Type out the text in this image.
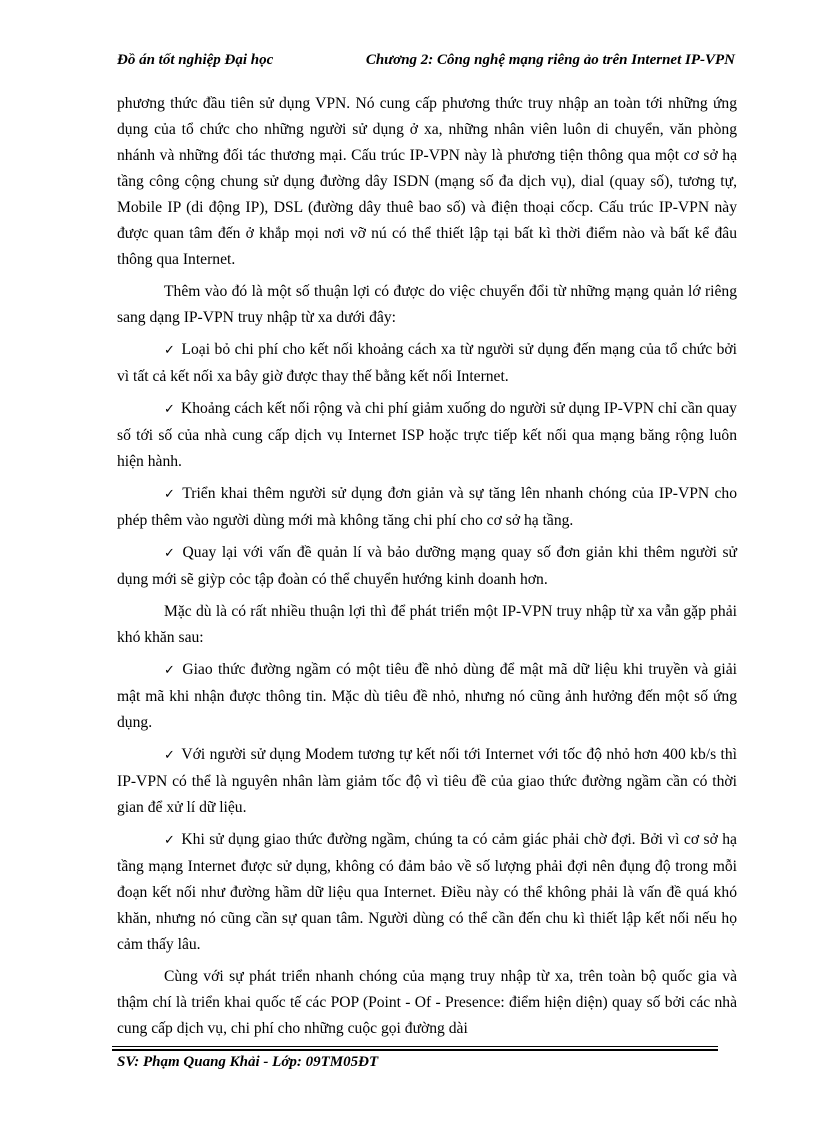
Đồ án tốt nghiệp Đại học	Chương 2: Công nghệ mạng riêng ảo trên Internet IP-VPN

phương thức đầu tiên sử dụng VPN. Nó cung cấp phương thức truy nhập an toàn tới những ứng dụng của tổ chức cho những người sử dụng ở xa, những nhân viên luôn di chuyển, văn phòng nhánh và những đối tác thương mại. Cấu trúc IP-VPN này là phương tiện thông qua một cơ sở hạ tầng công cộng chung sử dụng đường dây ISDN (mạng số đa dịch vụ), dial (quay số), tương tự, Mobile IP (di động IP), DSL (đường dây thuê bao số) và điện thoại cốcp. Cấu trúc IP-VPN này được quan tâm đến ở khắp mọi nơi vỡ nú có thể thiết lập tại bất kì thời điểm nào và bất kể đâu thông qua Internet.

Thêm vào đó là một số thuận lợi có được do việc chuyển đổi từ những mạng quản lớ riêng sang dạng IP-VPN truy nhập từ xa dưới đây:

✓ Loại bỏ chi phí cho kết nối khoảng cách xa từ người sử dụng đến mạng của tổ chức bởi vì tất cả kết nối xa bây giờ được thay thế bằng kết nối Internet.

✓ Khoảng cách kết nối rộng và chi phí giảm xuống do người sử dụng IP-VPN chỉ cần quay số tới số của nhà cung cấp dịch vụ Internet ISP hoặc trực tiếp kết nối qua mạng băng rộng luôn hiện hành.

✓ Triển khai thêm người sử dụng đơn giản và sự tăng lên nhanh chóng của IP-VPN cho phép thêm vào người dùng mới mà không tăng chi phí cho cơ sở hạ tầng.

✓ Quay lại với vấn đề quản lí và bảo dưỡng mạng quay số đơn giản khi thêm người sử dụng mới sẽ giỳp cỏc tập đoàn có thể chuyển hướng kinh doanh hơn.

Mặc dù là có rất nhiều thuận lợi thì để phát triển một IP-VPN truy nhập từ xa vẫn gặp phải khó khăn sau:

✓ Giao thức đường ngầm có một tiêu đề nhỏ dùng để mật mã dữ liệu khi truyền và giải mật mã khi nhận được thông tin. Mặc dù tiêu đề nhỏ, nhưng nó cũng ảnh hưởng đến một số ứng dụng.

✓ Với người sử dụng Modem tương tự kết nối tới Internet với tốc độ nhỏ hơn 400 kb/s thì IP-VPN có thể là nguyên nhân làm giảm tốc độ vì tiêu đề của giao thức đường ngầm cần có thời gian để xử lí dữ liệu.

✓ Khi sử dụng giao thức đường ngầm, chúng ta có cảm giác phải chờ đợi. Bởi vì cơ sở hạ tầng mạng Internet được sử dụng, không có đảm bảo về số lượng phải đợi nên đụng độ trong mỗi đoạn kết nối như đường hầm dữ liệu qua Internet. Điều này có thể không phải là vấn đề quá khó khăn, nhưng nó cũng cần sự quan tâm. Người dùng có thể cần đến chu kì thiết lập kết nối nếu họ cảm thấy lâu.

Cùng với sự phát triển nhanh chóng của mạng truy nhập từ xa, trên toàn bộ quốc gia và thậm chí là triển khai quốc tế các POP (Point - Of - Presence: điểm hiện diện) quay số bởi các nhà cung cấp dịch vụ, chi phí cho những cuộc gọi đường dài

SV: Phạm Quang Khải - Lớp: 09TM05ĐT
